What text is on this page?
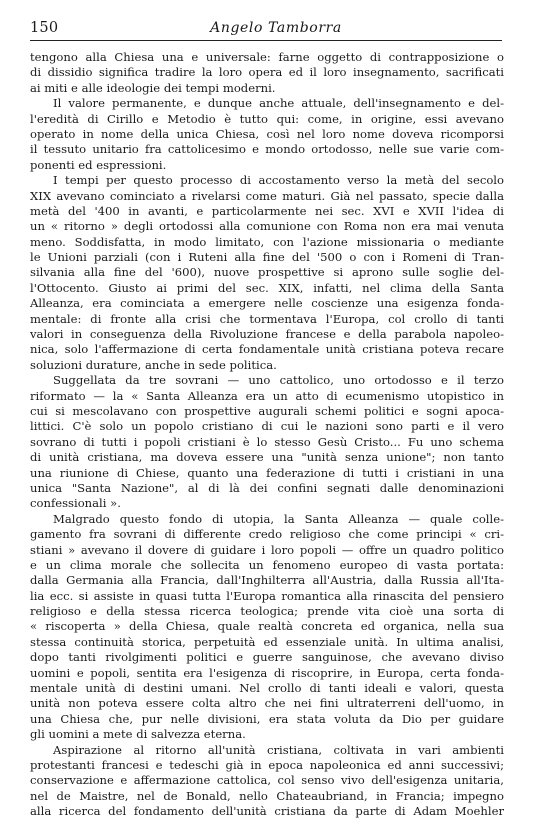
150	Angelo Tamborra
tengono alla Chiesa una e universale: farne oggetto di contrapposizione o
di dissidio significa tradire la loro opera ed il loro insegnamento, sacrificati
ai miti e alle ideologie dei tempi moderni.
Il valore permanente, e dunque anche attuale, dell'insegnamento e del-
l'eredità di Cirillo e Metodio è tutto qui: come, in origine, essi avevano
operato in nome della unica Chiesa, così nel loro nome doveva ricomporsi
il tessuto unitario fra cattolicesimo e mondo ortodosso, nelle sue varie com-
ponenti ed espressioni.
I tempi per questo processo di accostamento verso la metà del secolo
XIX avevano cominciato a rivelarsi come maturi. Già nel passato, specie dalla
metà del '400 in avanti, e particolarmente nei sec. XVI e XVII l'idea di
un « ritorno » degli ortodossi alla comunione con Roma non era mai venuta
meno. Soddisfatta, in modo limitato, con l'azione missionaria o mediante
le Unioni parziali (con i Ruteni alla fine del '500 o con i Romeni di Tran-
silvania alla fine del '600), nuove prospettive si aprono sulle soglie del-
l'Ottocento. Giusto ai primi del sec. XIX, infatti, nel clima della Santa
Alleanza, era cominciata a emergere nelle coscienze una esigenza fonda-
mentale: di fronte alla crisi che tormentava l'Europa, col crollo di tanti
valori in conseguenza della Rivoluzione francese e della parabola napoleo-
nica, solo l'affermazione di certa fondamentale unità cristiana poteva recare
soluzioni durature, anche in sede politica.
Suggellata da tre sovrani — uno cattolico, uno ortodosso e il terzo
riformato — la « Santa Alleanza era un atto di ecumenismo utopistico in
cui si mescolavano con prospettive augurali schemi politici e sogni apoca-
littici. C'è solo un popolo cristiano di cui le nazioni sono parti e il vero
sovrano di tutti i popoli cristiani è lo stesso Gesù Cristo... Fu uno schema
di unità cristiana, ma doveva essere una "unità senza unione"; non tanto
una riunione di Chiese, quanto una federazione di tutti i cristiani in una
unica "Santa Nazione", al di là dei confini segnati dalle denominazioni
confessionali ».
Malgrado questo fondo di utopia, la Santa Alleanza — quale colle-
gamento fra sovrani di differente credo religioso che come principi « cri-
stiani » avevano il dovere di guidare i loro popoli — offre un quadro politico
e un clima morale che sollecita un fenomeno europeo di vasta portata:
dalla Germania alla Francia, dall'Inghilterra all'Austria, dalla Russia all'Ita-
lia ecc. si assiste in quasi tutta l'Europa romantica alla rinascita del pensiero
religioso e della stessa ricerca teologica; prende vita cioè una sorta di
« riscoperta » della Chiesa, quale realtà concreta ed organica, nella sua
stessa continuità storica, perpetuità ed essenziale unità. In ultima analisi,
dopo tanti rivolgimenti politici e guerre sanguinose, che avevano diviso
uomini e popoli, sentita era l'esigenza di riscoprire, in Europa, certa fonda-
mentale unità di destini umani. Nel crollo di tanti ideali e valori, questa
unità non poteva essere colta altro che nei fini ultraterreni dell'uomo, in
una Chiesa che, pur nelle divisioni, era stata voluta da Dio per guidare
gli uomini a mete di salvezza eterna.
Aspirazione al ritorno all'unità cristiana, coltivata in vari ambienti
protestanti francesi e tedeschi già in epoca napoleonica ed anni successivi;
conservazione e affermazione cattolica, col senso vivo dell'esigenza unitaria,
nel de Maistre, nel de Bonald, nello Chateaubriand, in Francia; impegno
alla ricerca del fondamento dell'unità cristiana da parte di Adam Moehler
